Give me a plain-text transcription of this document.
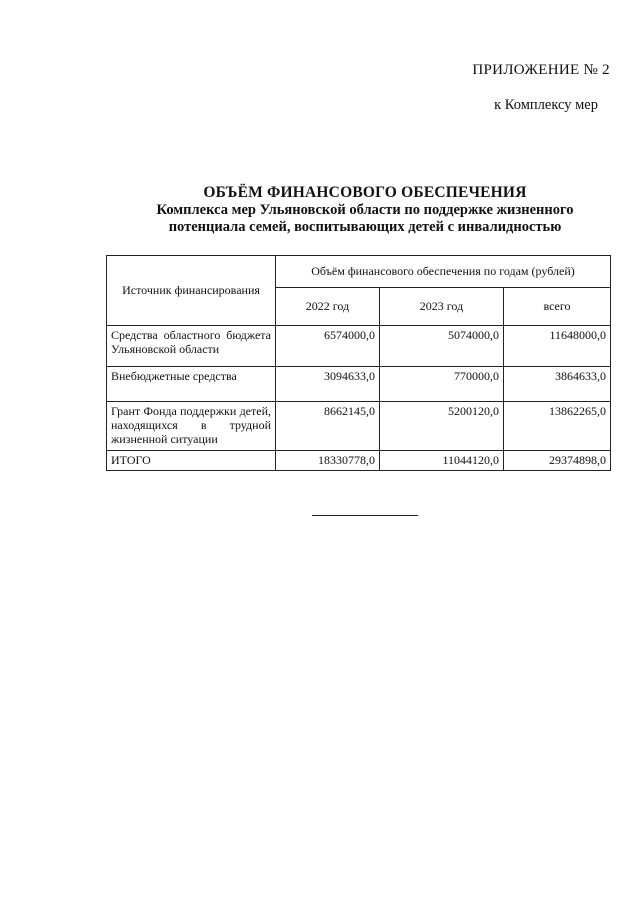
ПРИЛОЖЕНИЕ № 2
к Комплексу мер
ОБЪЁМ ФИНАНСОВОГО ОБЕСПЕЧЕНИЯ
Комплекса мер Ульяновской области по поддержке жизненного
потенциала семей, воспитывающих детей с инвалидностью
Источник финансирования	Объём финансового обеспечения по годам (рублей)		
	2022 год	2023 год	всего
Средства областного бюджета Ульяновской области	6574000,0	5074000,0	11648000,0
Внебюджетные средства	3094633,0	770000,0	3864633,0
Грант Фонда поддержки детей, находящихся в трудной жизненной ситуации	8662145,0	5200120,0	13862265,0
ИТОГО	18330778,0	11044120,0	29374898,0
